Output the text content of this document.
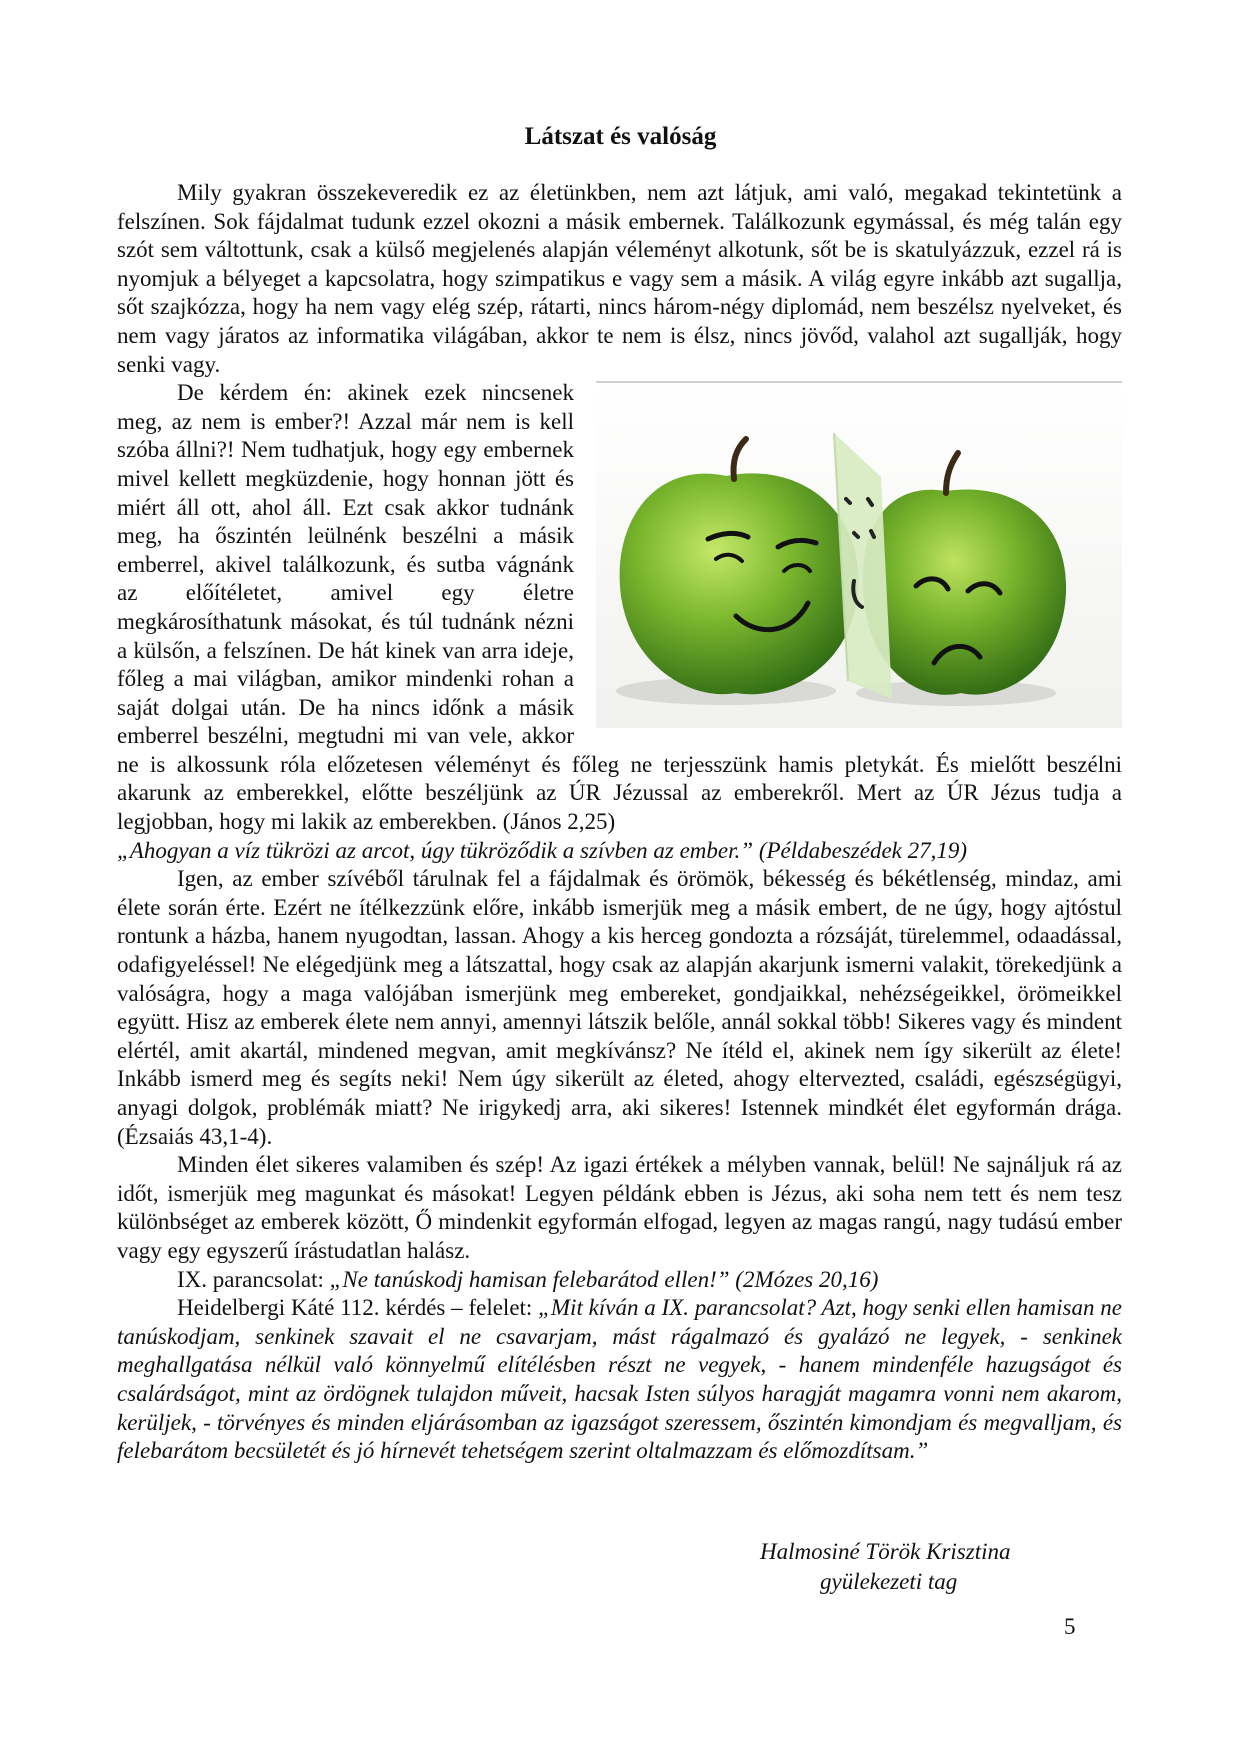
Látszat és valóság

Mily gyakran összekeveredik ez az életünkben, nem azt látjuk, ami való, megakad tekintetünk a felszínen. Sok fájdalmat tudunk ezzel okozni a másik embernek. Találkozunk egymással, és még talán egy szót sem váltottunk, csak a külső megjelenés alapján véleményt alkotunk, sőt be is skatulyázzuk, ezzel rá is nyomjuk a bélyeget a kapcsolatra, hogy szimpatikus e vagy sem a másik. A világ egyre inkább azt sugallja, sőt szajkózza, hogy ha nem vagy elég szép, rátarti, nincs három-négy diplomád, nem beszélsz nyelveket, és nem vagy járatos az informatika világában, akkor te nem is élsz, nincs jövőd, valahol azt sugallják, hogy senki vagy.

De kérdem én: akinek ezek nincsenek meg, az nem is ember?! Azzal már nem is kell szóba állni?! Nem tudhatjuk, hogy egy embernek mivel kellett megküzdenie, hogy honnan jött és miért áll ott, ahol áll. Ezt csak akkor tudnánk meg, ha őszintén leülnénk beszélni a másik emberrel, akivel találkozunk, és sutba vágnánk az előítéletet, amivel egy életre megkárosíthatunk másokat, és túl tudnánk nézni a külsőn, a felszínen. De hát kinek van arra ideje, főleg a mai világban, amikor mindenki rohan a saját dolgai után. De ha nincs időnk a másik emberrel beszélni, megtudni mi van vele, akkor ne is alkossunk róla előzetesen véleményt és főleg ne terjesszünk hamis pletykát. És mielőtt beszélni akarunk az emberekkel, előtte beszéljünk az ÚR Jézussal az emberekről. Mert az ÚR Jézus tudja a legjobban, hogy mi lakik az emberekben. (János 2,25)
„Ahogyan a víz tükrözi az arcot, úgy tükröződik a szívben az ember.” (Példabeszédek 27,19)

Igen, az ember szívéből tárulnak fel a fájdalmak és örömök, békesség és békétlenség, mindaz, ami élete során érte. Ezért ne ítélkezzünk előre, inkább ismerjük meg a másik embert, de ne úgy, hogy ajtóstul rontunk a házba, hanem nyugodtan, lassan. Ahogy a kis herceg gondozta a rózsáját, türelemmel, odaadással, odafigyeléssel! Ne elégedjünk meg a látszattal, hogy csak az alapján akarjunk ismerni valakit, törekedjünk a valóságra, hogy a maga valójában ismerjünk meg embereket, gondjaikkal, nehézségeikkel, örömeikkel együtt. Hisz az emberek élete nem annyi, amennyi látszik belőle, annál sokkal több! Sikeres vagy és mindent elértél, amit akartál, mindened megvan, amit megkívánsz? Ne ítéld el, akinek nem így sikerült az élete! Inkább ismerd meg és segíts neki! Nem úgy sikerült az életed, ahogy eltervezted, családi, egészségügyi, anyagi dolgok, problémák miatt? Ne irigykedj arra, aki sikeres! Istennek mindkét élet egyformán drága. (Ézsaiás 43,1-4).

Minden élet sikeres valamiben és szép! Az igazi értékek a mélyben vannak, belül! Ne sajnáljuk rá az időt, ismerjük meg magunkat és másokat! Legyen példánk ebben is Jézus, aki soha nem tett és nem tesz különbséget az emberek között, Ő mindenkit egyformán elfogad, legyen az magas rangú, nagy tudású ember vagy egy egyszerű írástudatlan halász.

IX. parancsolat: „Ne tanúskodj hamisan felebarátod ellen!” (2Mózes 20,16)

Heidelbergi Káté 112. kérdés – felelet: „Mit kíván a IX. parancsolat? Azt, hogy senki ellen hamisan ne tanúskodjam, senkinek szavait el ne csavarjam, mást rágalmazó és gyalázó ne legyek, - senkinek meghallgatása nélkül való könnyelmű elítélésben részt ne vegyek, - hanem mindenféle hazugságot és csalárdságot, mint az ördögnek tulajdon műveit, hacsak Isten súlyos haragját magamra vonni nem akarom, kerüljek, - törvényes és minden eljárásomban az igazságot szeressem, őszintén kimondjam és megvalljam, és felebarátom becsületét és jó hírnevét tehetségem szerint oltalmazzam és előmozdítsam.”

Halmosiné Török Krisztina
gyülekezeti tag
5
